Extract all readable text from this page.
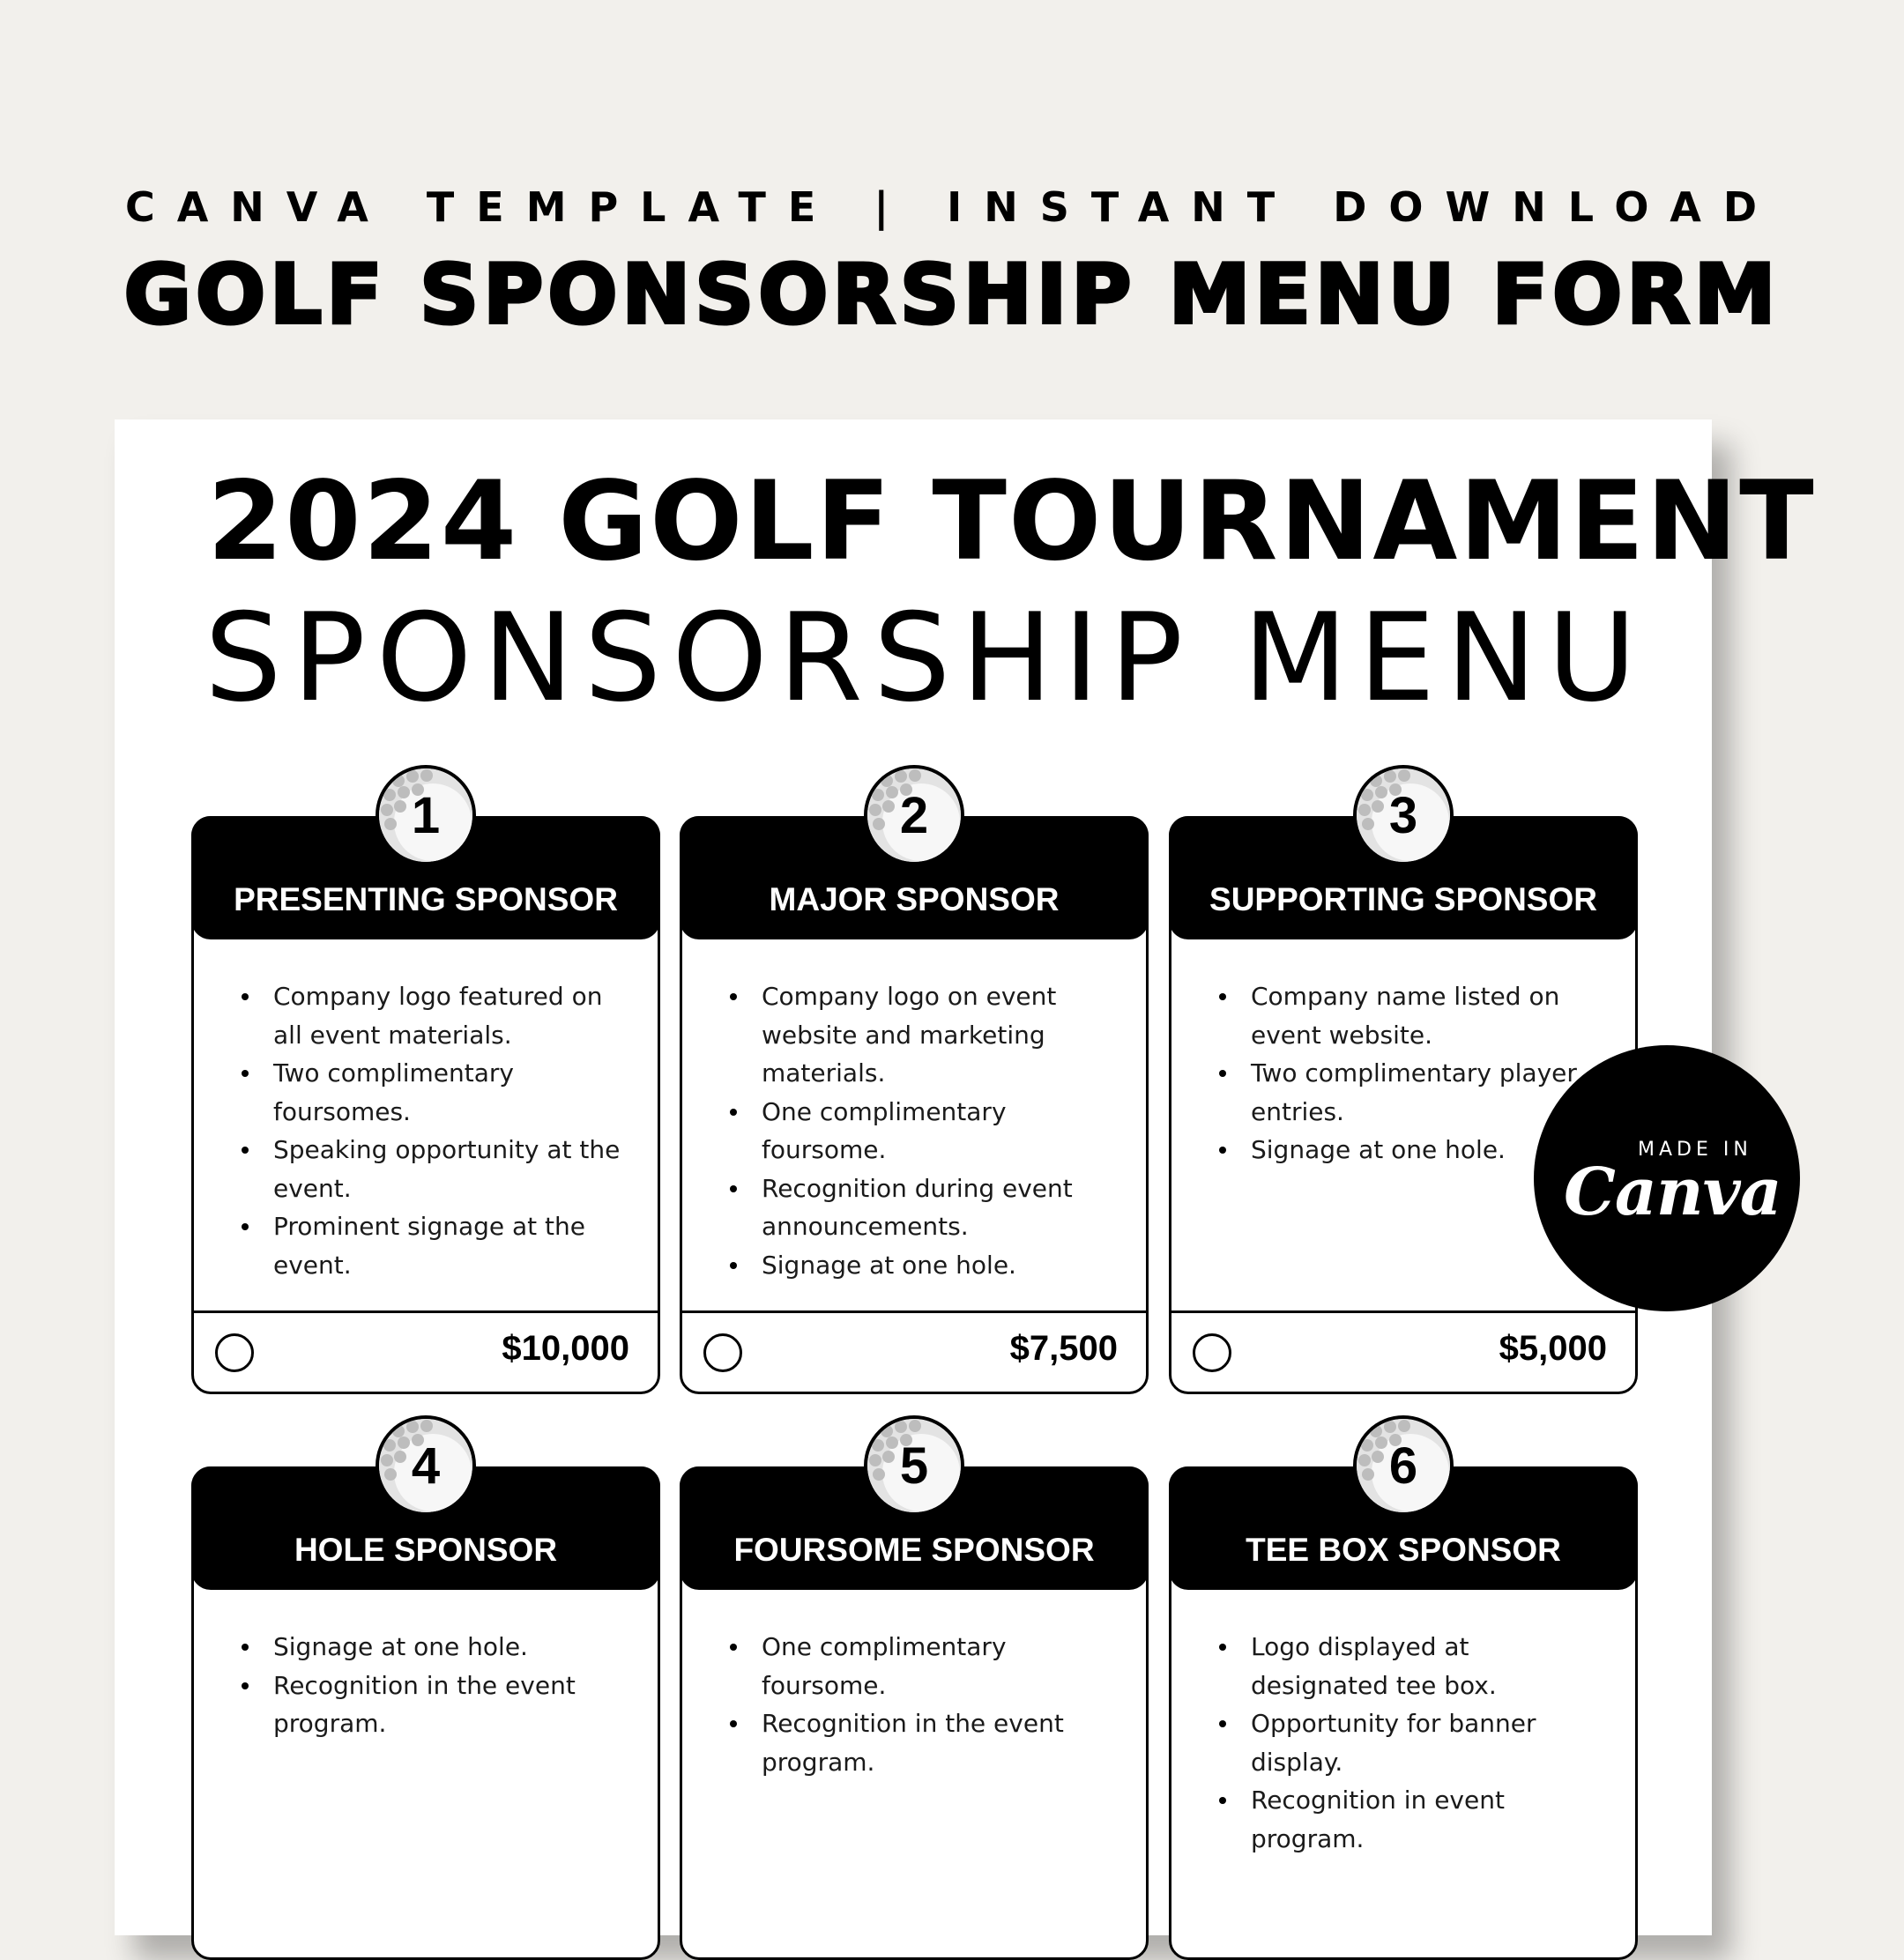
CANVA TEMPLATE | INSTANT DOWNLOAD
GOLF SPONSORSHIP MENU FORM
2024 GOLF TOURNAMENT
SPONSORSHIP MENU
PRESENTING SPONSOR
Company logo featured on all event materials.
Two complimentary foursomes.
Speaking opportunity at the event.
Prominent signage at the event.
$10,000
MAJOR SPONSOR
Company logo on event website and marketing materials.
One complimentary foursome.
Recognition during event announcements.
Signage at one hole.
$7,500
SUPPORTING SPONSOR
Company name listed on event website.
Two complimentary player entries.
Signage at one hole.
$5,000
HOLE SPONSOR
Signage at one hole.
Recognition in the event program.
FOURSOME SPONSOR
One complimentary foursome.
Recognition in the event program.
TEE BOX SPONSOR
Logo displayed at designated tee box.
Opportunity for banner display.
Recognition in event program.
1	2	3
4	5	6
MADE IN
Canva
